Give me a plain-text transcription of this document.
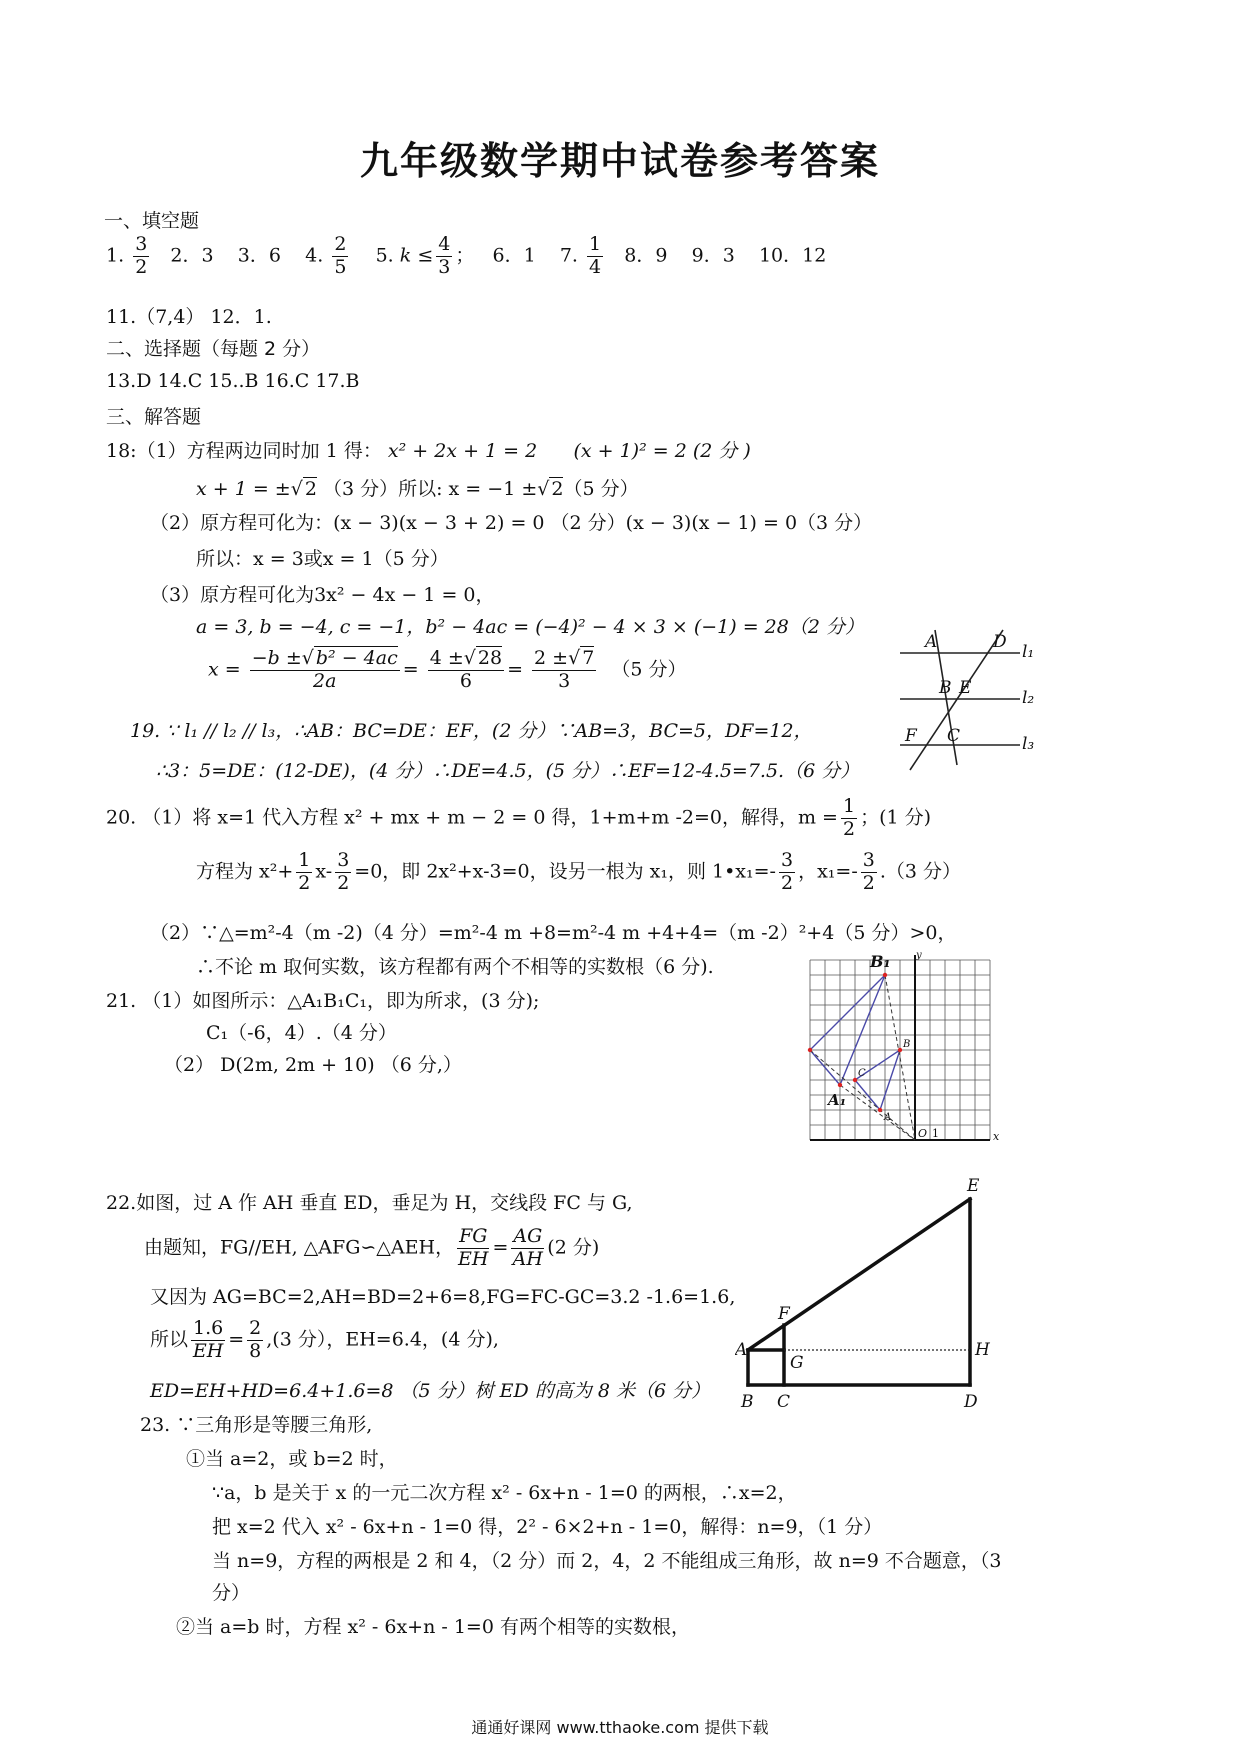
九年级数学期中试卷参考答案
一、填空题
1. $\frac{3}{2} 2$．3 3．6 4. $\frac{2}{5} 5$. $k \le \frac{4}{3}$ ； 6．1 7. $\frac{1}{4} 8$．9 9．3 10．12
11.（7,4） 12．1.
二、选择题（每题 2 分）
13.D 14.C 15..B 16.C 17.B
三、解答题
18:（1）方程两边同时加 1 得： x² + 2x + 1 = 2 (x + 1)² = 2 (2 分 )
x + 1 = ±√ 2 （3 分）所以: x = −1 ±√ 2（5 分）
（2）原方程可化为：(x − 3)(x − 3 + 2) = 0 （2 分）(x − 3)(x − 1) = 0（3 分）
所以：x = 3或x = 1（5 分）
（3）原方程可化为3x² − 4x − 1 = 0，
a = 3, b = −4, c = −1，b² − 4ac = (−4)² − 4 × 3 × (−1) = 28（2 分）
$x = \frac{\text{−b ±√ b² − 4ac}}{2a} = \frac{4 \pm√ 28}{6} = \frac{2 \pm√ 7}{3} (5$ 分）
A	D l₁
B E	l₂
F C	l₃
19. ∵ l₁ // l₂ // l₃，∴AB：BC=DE：EF，(2 分）∵AB=3，BC=5，DF=12，
∴3：5=DE：(12-DE)，(4 分）∴DE=4.5，(5 分）∴EF=12-4.5=7.5.（6 分）
20. （1）将 x=1 代入方程 x² + mx + m − 2 = 0 得，1+m+m -2=0，解得，$m = \frac{1}{2}$ ；(1 分)
方程为 $x^2+ \frac{1}{2} x- \frac{3}{2} =0$，即 2x²+x-3=0，设另一根为 x₁，则 1•x₁=- $\frac{3}{2}$ ，$x_1=- \frac{3}{2} .(3$ 分）
（2）∵△=m²-4（m -2)（4 分）=m²-4 m +8=m²-4 m +4+4=（m -2）²+4（5 分）>0，
∴不论 m 取何实数，该方程都有两个不相等的实数根（6 分).
21. （1）如图所示：△A₁B₁C₁，即为所求，(3 分);
C₁（-6，4）.（4 分）
（2） D(2m, 2m + 10) （6 分,）
B₁	y
B
C
A
A₁
O 1	x
22.如图，过 A 作 AH 垂直 ED，垂足为 H，交线段 FC 与 G,
由题知，FG//EH, △AFG∽△AEH， $\frac{FG}{EH} = \frac{AG}{AH} (2$ 分)
又因为 AG=BC=2,AH=BD=2+6=8,FG=FC-GC=3.2 -1.6=1.6,
所以 $\frac{1.6}{EH} = \frac{2}{8} ,(3$ 分），EH=6.4，(4 分),
ED=EH+HD=6.4+1.6=8 （5 分）树 ED 的高为 8 米（6 分）
E
F
A
G
H
B C	D
23. ∵三角形是等腰三角形,
①当 a=2，或 b=2 时，
∵a，b 是关于 x 的一元二次方程 x² - 6x+n - 1=0 的两根，∴x=2，
把 x=2 代入 x² - 6x+n - 1=0 得，2² - 6×2+n - 1=0，解得：n=9，（1 分）
当 n=9，方程的两根是 2 和 4，（2 分）而 2，4，2 不能组成三角形，故 n=9 不合题意，（3
分）
②当 a=b 时，方程 x² - 6x+n - 1=0 有两个相等的实数根，
通通好课网 www.tthaoke.com 提供下载
